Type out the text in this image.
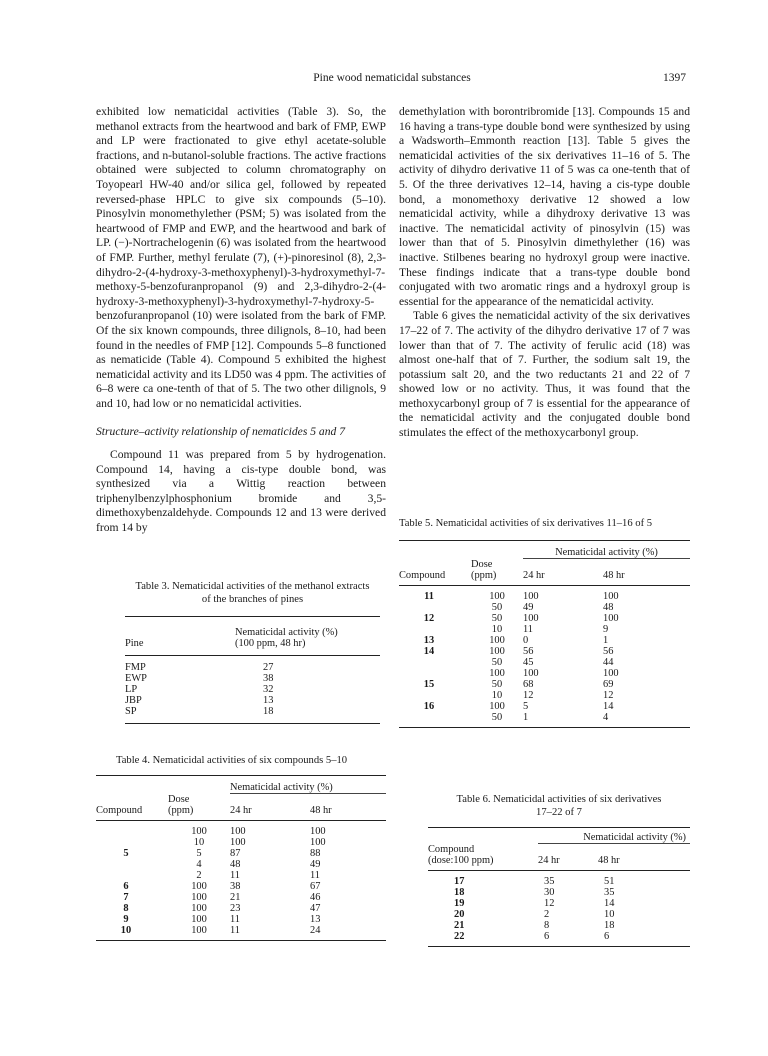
Pine wood nematicidal substances	1397

exhibited low nematicidal activities (Table 3). So, the methanol extracts from the heartwood and bark of FMP, EWP and LP were fractionated to give ethyl acetate-soluble fractions, and n-butanol-soluble fractions. The active fractions obtained were subjected to column chromatography on Toyopearl HW-40 and/or silica gel, followed by repeated reversed-phase HPLC to give six compounds (5–10). Pinosylvin monomethylether (PSM; 5) was isolated from the heartwood of FMP and EWP, and the heartwood and bark of LP. (−)-Nortrachelogenin (6) was isolated from the heartwood of FMP. Further, methyl ferulate (7), (+)-pinoresinol (8), 2,3-dihydro-2-(4-hydroxy-3-methoxyphenyl)-3-hydroxymethyl-7-methoxy-5-benzofuranpropanol (9) and 2,3-dihydro-2-(4-hydroxy-3-methoxyphenyl)-3-hydroxymethyl-7-hydroxy-5-benzofuranpropanol (10) were isolated from the bark of FMP. Of the six known compounds, three dilignols, 8–10, had been found in the needles of FMP [12]. Compounds 5–8 functioned as nematicide (Table 4). Compound 5 exhibited the highest nematicidal activity and its LD50 was 4 ppm. The activities of 6–8 were ca one-tenth of that of 5. The two other dilignols, 9 and 10, had low or no nematicidal activities.

Structure–activity relationship of nematicides 5 and 7

Compound 11 was prepared from 5 by hydrogenation. Compound 14, having a cis-type double bond, was synthesized via a Wittig reaction between triphenylbenzylphosphonium bromide and 3,5-dimethoxybenzaldehyde. Compounds 12 and 13 were derived from 14 by

demethylation with borontribromide [13]. Compounds 15 and 16 having a trans-type double bond were synthesized by using a Wadsworth–Emmonth reaction [13]. Table 5 gives the nematicidal activities of the six derivatives 11–16 of 5. The activity of dihydro derivative 11 of 5 was ca one-tenth that of 5. Of the three derivatives 12–14, having a cis-type double bond, a monomethoxy derivative 12 showed a low nematicidal activity, while a dihydroxy derivative 13 was inactive. The nematicidal activity of pinosylvin (15) was lower than that of 5. Pinosylvin dimethylether (16) was inactive. Stilbenes bearing no hydroxyl group were inactive. These findings indicate that a trans-type double bond conjugated with two aromatic rings and a hydroxyl group is essential for the appearance of the nematicidal activity.

Table 6 gives the nematicidal activity of the six derivatives 17–22 of 7. The activity of the dihydro derivative 17 of 7 was lower than that of 7. The activity of ferulic acid (18) was almost one-half that of 7. Further, the sodium salt 19, the potassium salt 20, and the two reductants 21 and 22 of 7 showed low or no activity. Thus, it was found that the methoxycarbonyl group of 7 is essential for the appearance of the nematicidal activity and the conjugated double bond stimulates the effect of the methoxycarbonyl group.

Table 3. Nematicidal activities of the methanol extracts of the branches of pines

	Nematicidal activity (%)
Pine	(100 ppm, 48 hr)

FMP	27
EWP	38
LP	32
JBP	13
SP	18

Table 4. Nematicidal activities of six compounds 5–10

			Nematicidal activity (%)	
		Dose		
Compound		(ppm)	24 hr	48 hr

		100	100	100
		10	100	100
5		5	87	88
		4	48	49
		2	11	11
6		100	38	67
7		100	21	46
8		100	23	47
9		100	11	13
10		100	11	24

Table 5. Nematicidal activities of six derivatives 11–16 of 5

			Nematicidal activity (%)	
		Dose		
Compound		(ppm)	24 hr	48 hr

11		100	100	100
		50	49	48
12		50	100	100
		10	11	9
13		100	0	1
14		100	56	56
		50	45	44
		100	100	100
15		50	68	69
		10	12	12
16		100	5	14
		50	1	4

Table 6. Nematicidal activities of six derivatives
17–22 of 7

	Nematicidal activity (%)	
Compound		
(dose:100 ppm)	24 hr	48 hr

17	35	51
18	30	35
19	12	14
20	2	10
21	8	18
22	6	6
